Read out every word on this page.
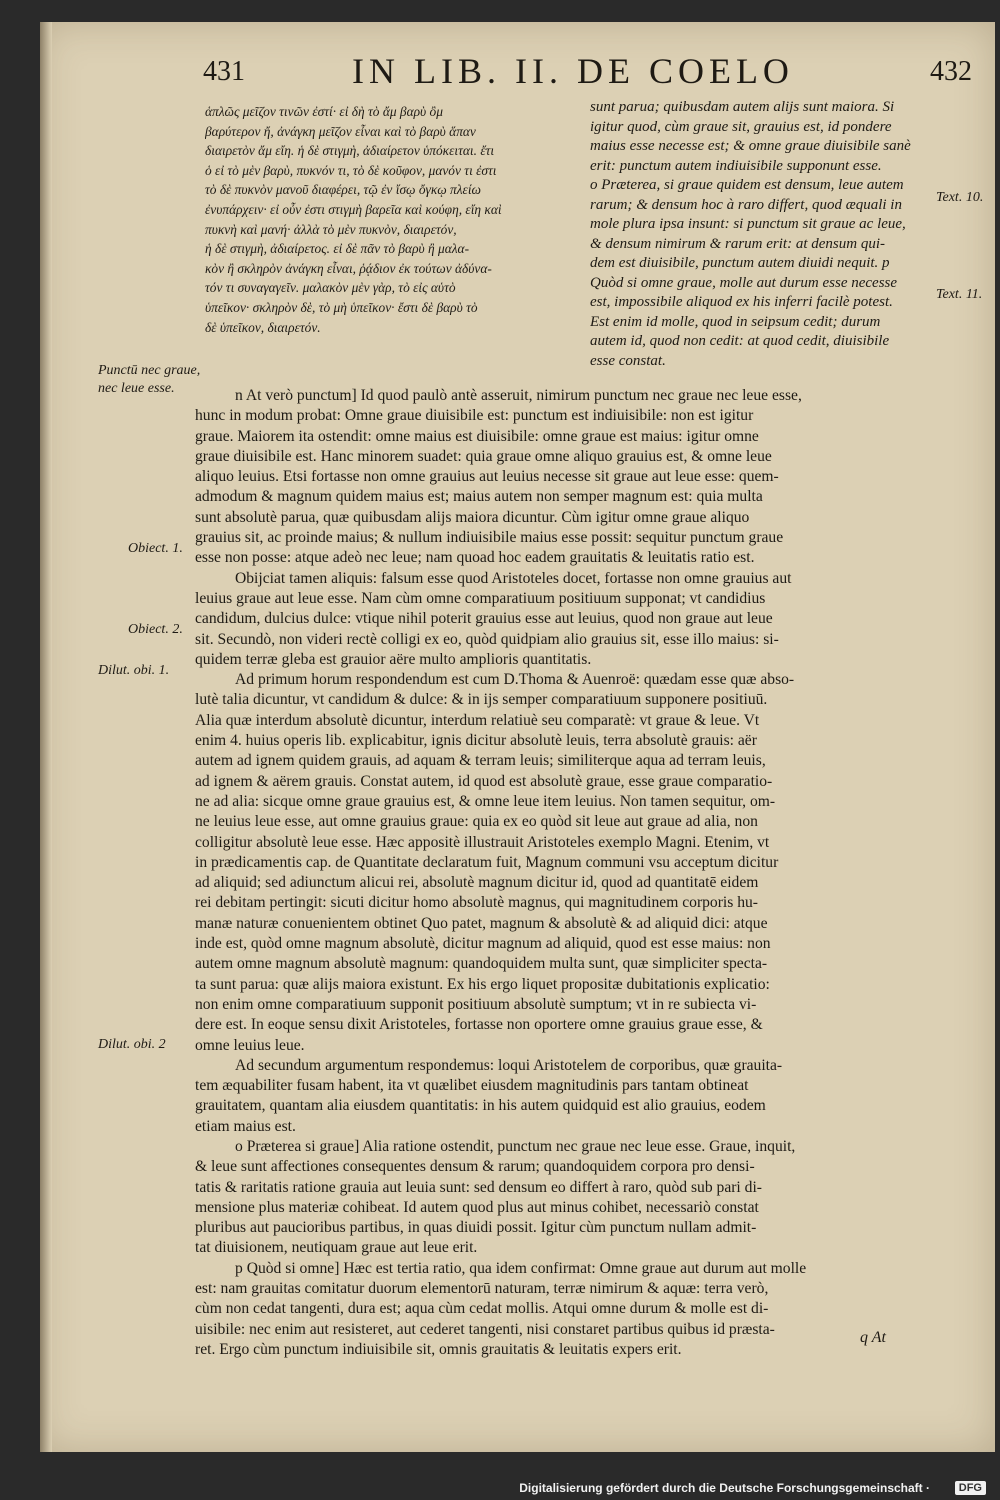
431	IN LIB. II. DE COELO	432
ἁπλῶς μεῖζον τινῶν ἐστί· εἰ δὴ τὸ ἄμ βαρὺ ὂμ
βαρύτερον ἤ, ἀνάγκη μεῖζον εἶναι καὶ τὸ βαρὺ ἅπαν
διαιρετὸν ἄμ εἴη. ἡ δὲ στιγμὴ, ἀδιαίρετον ὑπόκειται. ἔτι
ὁ εἰ τὸ μὲν βαρὺ, πυκνόν τι, τὸ δὲ κοῦφον, μανόν τι ἐστι
τὸ δὲ πυκνὸν μανοῦ διαφέρει, τῷ ἐν ἴσῳ ὄγκῳ πλείω
ἐνυπάρχειν· εἰ οὖν ἐστι στιγμὴ βαρεῖα καὶ κούφη, εἴη καὶ
πυκνὴ καὶ μανή· ἀλλὰ τὸ μὲν πυκνὸν, διαιρετόν,
ἡ δὲ στιγμὴ, ἀδιαίρετος. εἰ δὲ πᾶν τὸ βαρὺ ἢ μαλα-
κὸν ἢ σκληρὸν ἀνάγκη εἶναι, ῥᾴδιον ἐκ τούτων ἀδύνα-
τόν τι συναγαγεῖν. μαλακὸν μὲν γὰρ, τὸ εἰς αὑτὸ
ὑπεῖκον· σκληρὸν δὲ, τὸ μὴ ὑπεῖκον· ἔστι δὲ βαρὺ τὸ
δὲ ὑπεῖκον, διαιρετόν.
sunt parua; quibusdam autem alijs sunt maiora. Si
igitur quod, cùm graue sit, grauius est, id pondere
maius esse necesse est; & omne graue diuisibile sanè
erit: punctum autem indiuisibile supponunt esse.
o Præterea, si graue quidem est densum, leue autem
rarum; & densum hoc à raro differt, quod æquali in
mole plura ipsa insunt: si punctum sit graue ac leue,
& densum nimirum & rarum erit: at densum qui-
dem est diuisibile, punctum autem diuidi nequit. p
Quòd si omne graue, molle aut durum esse necesse
est, impossibile aliquod ex his inferri facilè potest.
Est enim id molle, quod in seipsum cedit; durum
autem id, quod non cedit: at quod cedit, diuisibile
esse constat.
Text. 10.
Text. 11.
Punctū nec graue, nec leue esse.
Obiect. 1.
Obiect. 2.
Dilut. obi. 1.
Dilut. obi. 2
n At verò punctum] Id quod paulò antè asseruit, nimirum punctum nec graue nec leue esse,
hunc in modum probat: Omne graue diuisibile est: punctum est indiuisibile: non est igitur
graue. Maiorem ita ostendit: omne maius est diuisibile: omne graue est maius: igitur omne
graue diuisibile est. Hanc minorem suadet: quia graue omne aliquo grauius est, & omne leue
aliquo leuius. Etsi fortasse non omne grauius aut leuius necesse sit graue aut leue esse: quem-
admodum & magnum quidem maius est; maius autem non semper magnum est: quia multa
sunt absolutè parua, quæ quibusdam alijs maiora dicuntur. Cùm igitur omne graue aliquo
grauius sit, ac proinde maius; & nullum indiuisibile maius esse possit: sequitur punctum graue
esse non posse: atque adeò nec leue; nam quoad hoc eadem grauitatis & leuitatis ratio est.
Obijciat tamen aliquis: falsum esse quod Aristoteles docet, fortasse non omne grauius aut
leuius graue aut leue esse. Nam cùm omne comparatiuum positiuum supponat; vt candidius
candidum, dulcius dulce: vtique nihil poterit grauius esse aut leuius, quod non graue aut leue
sit. Secundò, non videri rectè colligi ex eo, quòd quidpiam alio grauius sit, esse illo maius: si-
quidem terræ gleba est grauior aëre multo amplioris quantitatis.
Ad primum horum respondendum est cum D.Thoma & Auenroë: quædam esse quæ abso-
lutè talia dicuntur, vt candidum & dulce: & in ijs semper comparatiuum supponere positiuū.
Alia quæ interdum absolutè dicuntur, interdum relatiuè seu comparatè: vt graue & leue. Vt
enim 4. huius operis lib. explicabitur, ignis dicitur absolutè leuis, terra absolutè grauis: aër
autem ad ignem quidem grauis, ad aquam & terram leuis; similiterque aqua ad terram leuis,
ad ignem & aërem grauis. Constat autem, id quod est absolutè graue, esse graue comparatio-
ne ad alia: sicque omne graue grauius est, & omne leue item leuius. Non tamen sequitur, om-
ne leuius leue esse, aut omne grauius graue: quia ex eo quòd sit leue aut graue ad alia, non
colligitur absolutè leue esse. Hæc appositè illustrauit Aristoteles exemplo Magni. Etenim, vt
in prædicamentis cap. de Quantitate declaratum fuit, Magnum communi vsu acceptum dicitur
ad aliquid; sed adiunctum alicui rei, absolutè magnum dicitur id, quod ad quantitatē eidem
rei debitam pertingit: sicuti dicitur homo absolutè magnus, qui magnitudinem corporis hu-
manæ naturæ conuenientem obtinet Quo patet, magnum & absolutè & ad aliquid dici: atque
inde est, quòd omne magnum absolutè, dicitur magnum ad aliquid, quod est esse maius: non
autem omne magnum absolutè magnum: quandoquidem multa sunt, quæ simpliciter specta-
ta sunt parua: quæ alijs maiora existunt. Ex his ergo liquet propositæ dubitationis explicatio:
non enim omne comparatiuum supponit positiuum absolutè sumptum; vt in re subiecta vi-
dere est. In eoque sensu dixit Aristoteles, fortasse non oportere omne grauius graue esse, &
omne leuius leue.
Ad secundum argumentum respondemus: loqui Aristotelem de corporibus, quæ grauita-
tem æquabiliter fusam habent, ita vt quælibet eiusdem magnitudinis pars tantam obtineat
grauitatem, quantam alia eiusdem quantitatis: in his autem quidquid est alio grauius, eodem
etiam maius est.
o Præterea si graue] Alia ratione ostendit, punctum nec graue nec leue esse. Graue, inquit,
& leue sunt affectiones consequentes densum & rarum; quandoquidem corpora pro densi-
tatis & raritatis ratione grauia aut leuia sunt: sed densum eo differt à raro, quòd sub pari di-
mensione plus materiæ cohibeat. Id autem quod plus aut minus cohibet, necessariò constat
pluribus aut paucioribus partibus, in quas diuidi possit. Igitur cùm punctum nullam admit-
tat diuisionem, neutiquam graue aut leue erit.
p Quòd si omne] Hæc est tertia ratio, qua idem confirmat: Omne graue aut durum aut molle
est: nam grauitas comitatur duorum elementorū naturam, terræ nimirum & aquæ: terra verò,
cùm non cedat tangenti, dura est; aqua cùm cedat mollis. Atqui omne durum & molle est di-
uisibile: nec enim aut resisteret, aut cederet tangenti, nisi constaret partibus quibus id præsta-
ret. Ergo cùm punctum indiuisibile sit, omnis grauitatis & leuitatis expers erit.
q At
Digitalisierung gefördert durch die Deutsche Forschungsgemeinschaft ·	DFG
